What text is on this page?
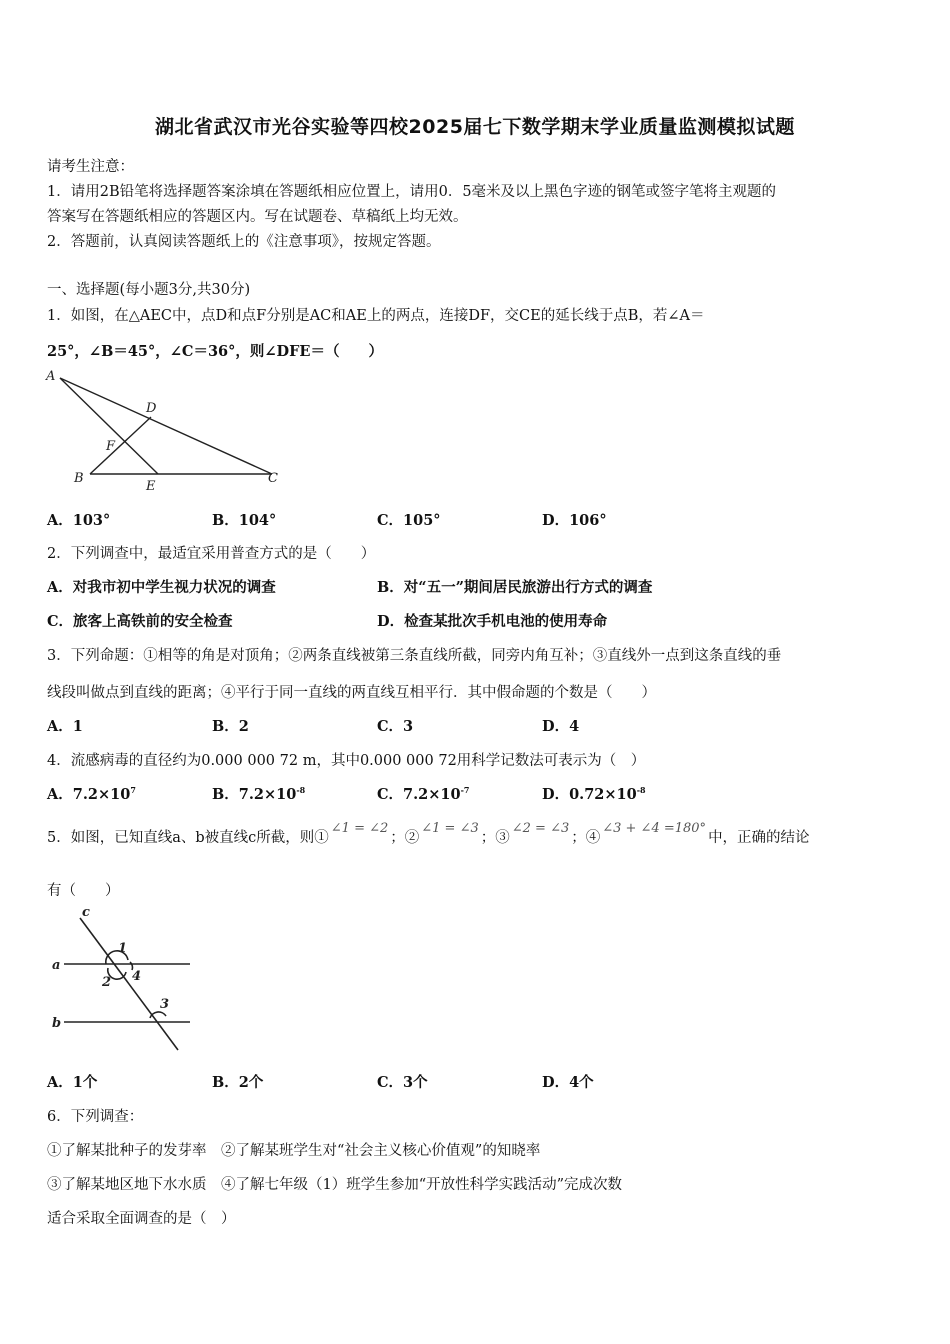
湖北省武汉市光谷实验等四校2025届七下数学期末学业质量监测模拟试题
请考生注意：
1．请用2B铅笔将选择题答案涂填在答题纸相应位置上，请用0．5毫米及以上黑色字迹的钢笔或签字笔将主观题的
答案写在答题纸相应的答题区内。写在试题卷、草稿纸上均无效。
2．答题前，认真阅读答题纸上的《注意事项》，按规定答题。
一、选择题(每小题3分,共30分)
1．如图，在△AEC中，点D和点F分别是AC和AE上的两点，连接DF，交CE的延长线于点B，若∠A＝
25°，∠B＝45°，∠C＝36°，则∠DFE＝（　　）
A
D
F
B
E
C
A．103°	B．104°	C．105°	D．106°
2．下列调查中，最适宜采用普查方式的是（　　）
A．对我市初中学生视力状况的调查	B．对“五一”期间居民旅游出行方式的调查
C．旅客上高铁前的安全检查	D．检查某批次手机电池的使用寿命
3．下列命题：①相等的角是对顶角；②两条直线被第三条直线所截，同旁内角互补；③直线外一点到这条直线的垂
线段叫做点到直线的距离；④平行于同一直线的两直线互相平行．其中假命题的个数是（　　）
A．1	B．2	C．3	D．4
4．流感病毒的直径约为0.000 000 72 m，其中0.000 000 72用科学记数法可表示为（　）
A．$7.2\times 10^7$	B．$7.2\times 10^{-8}$	C．$7.2\times 10^{-7}$	D．$0.72\times 10^{-8}$
5．如图，已知直线a、b被直线c所截，则①∠1 = ∠2；②∠1 = ∠3；③∠2 = ∠3；④∠3 + ∠4 =180°中，正确的结论
有（　　）
c
a
b
1
2
3
4
A．1个	B．2个	C．3个	D．4个
6．下列调查：
①了解某批种子的发芽率　②了解某班学生对“社会主义核心价值观”的知晓率
③了解某地区地下水水质　④了解七年级（1）班学生参加“开放性科学实践活动”完成次数
适合采取全面调查的是（　）
